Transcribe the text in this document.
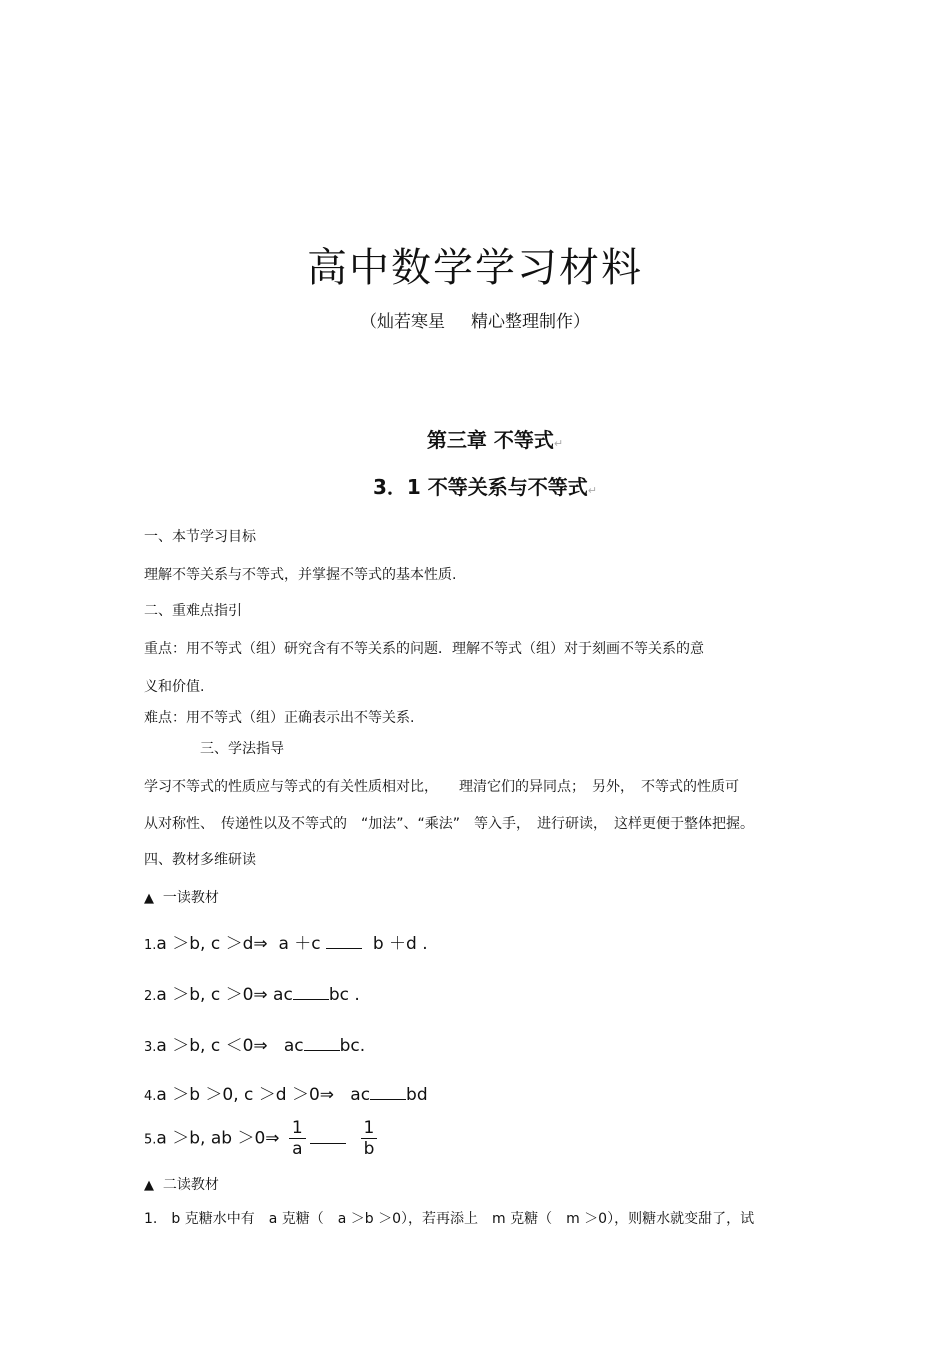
高中数学学习材料
（灿若寒星 精心整理制作）
第三章 不等式↵
3．1 不等关系与不等式↵
一、本节学习目标
理解不等关系与不等式，并掌握不等式的基本性质.
二、重难点指引
重点：用不等式（组）研究含有不等关系的问题．理解不等式（组）对于刻画不等关系的意
义和价值.
难点：用不等式（组）正确表示出不等关系.
三、学法指导
学习不等式的性质应与等式的有关性质相对比，　　理清它们的异同点；　另外，　不等式的性质可
从对称性、　传递性以及不等式的　“加法”、“乘法”　等入手，　进行研读，　这样更便于整体把握。
四、教材多维研读
▲ 一读教材
1.a ＞b, c ＞d⇒ a ＋c	b ＋d .
2.a ＞b, c ＞0⇒ ac bc .
3.a ＞b, c ＜0⇒ ac bc.
4.a ＞b ＞0, c ＞d ＞0⇒ ac bd
5.a ＞b, ab ＞0⇒ $\frac{1}{a}$
	$\frac{1}{b}$
▲ 二读教材
1.　b 克糖水中有　a 克糖（　a ＞b ＞0），若再添上　m 克糖（　m ＞0），则糖水就变甜了，试
